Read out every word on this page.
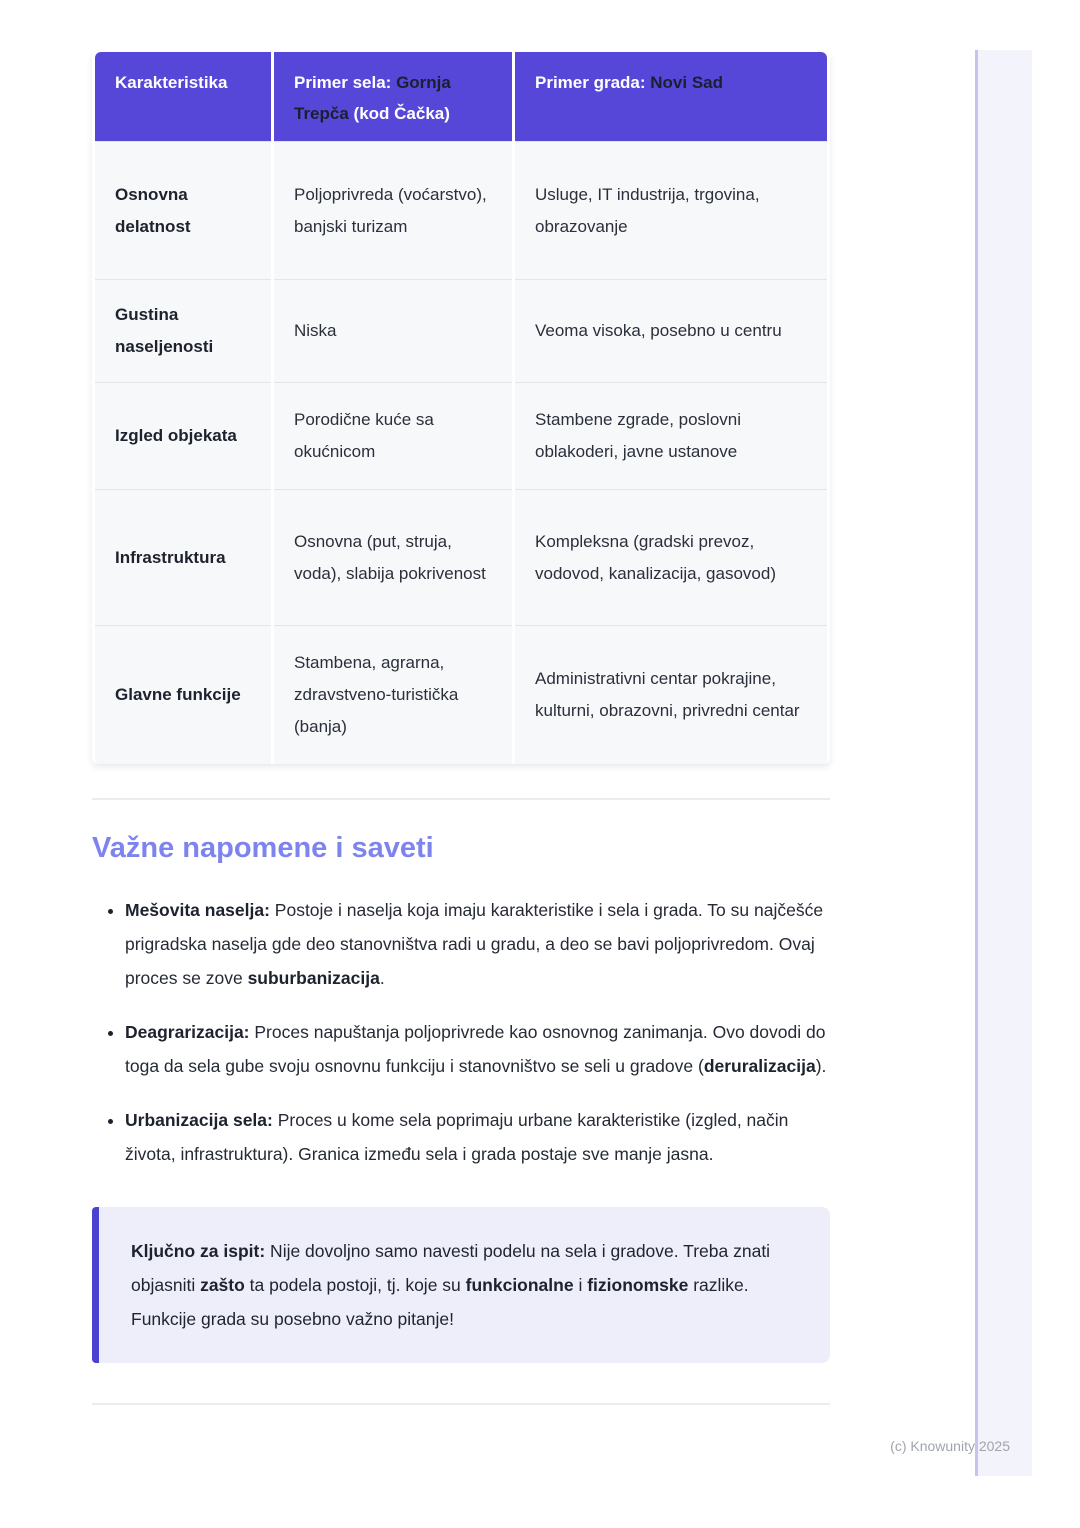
Karakteristika	Primer sela: Gornja Trepča (kod Čačka)	Primer grada: Novi Sad
Osnovna delatnost	Poljoprivreda (voćarstvo), banjski turizam	Usluge, IT industrija, trgovina, obrazovanje
Gustina naseljenosti	Niska	Veoma visoka, posebno u centru
Izgled objekata	Porodične kuće sa okućnicom	Stambene zgrade, poslovni oblakoderi, javne ustanove
Infrastruktura	Osnovna (put, struja, voda), slabija pokrivenost	Kompleksna (gradski prevoz, vodovod, kanalizacija, gasovod)
Glavne funkcije	Stambena, agrarna, zdravstveno-turistička (banja)	Administrativni centar pokrajine, kulturni, obrazovni, privredni centar
Važne napomene i saveti
• Mešovita naselja: Postoje i naselja koja imaju karakteristike i sela i grada. To su najčešće prigradska naselja gde deo stanovništva radi u gradu, a deo se bavi poljoprivredom. Ovaj proces se zove suburbanizacija.
• Deagrarizacija: Proces napuštanja poljoprivrede kao osnovnog zanimanja. Ovo dovodi do toga da sela gube svoju osnovnu funkciju i stanovništvo se seli u gradove (deruralizacija).
• Urbanizacija sela: Proces u kome sela poprimaju urbane karakteristike (izgled, način života, infrastruktura). Granica između sela i grada postaje sve manje jasna.
Ključno za ispit: Nije dovoljno samo navesti podelu na sela i gradove. Treba znati objasniti zašto ta podela postoji, tj. koje su funkcionalne i fizionomske razlike. Funkcije grada su posebno važno pitanje!
(c) Knowunity 2025
